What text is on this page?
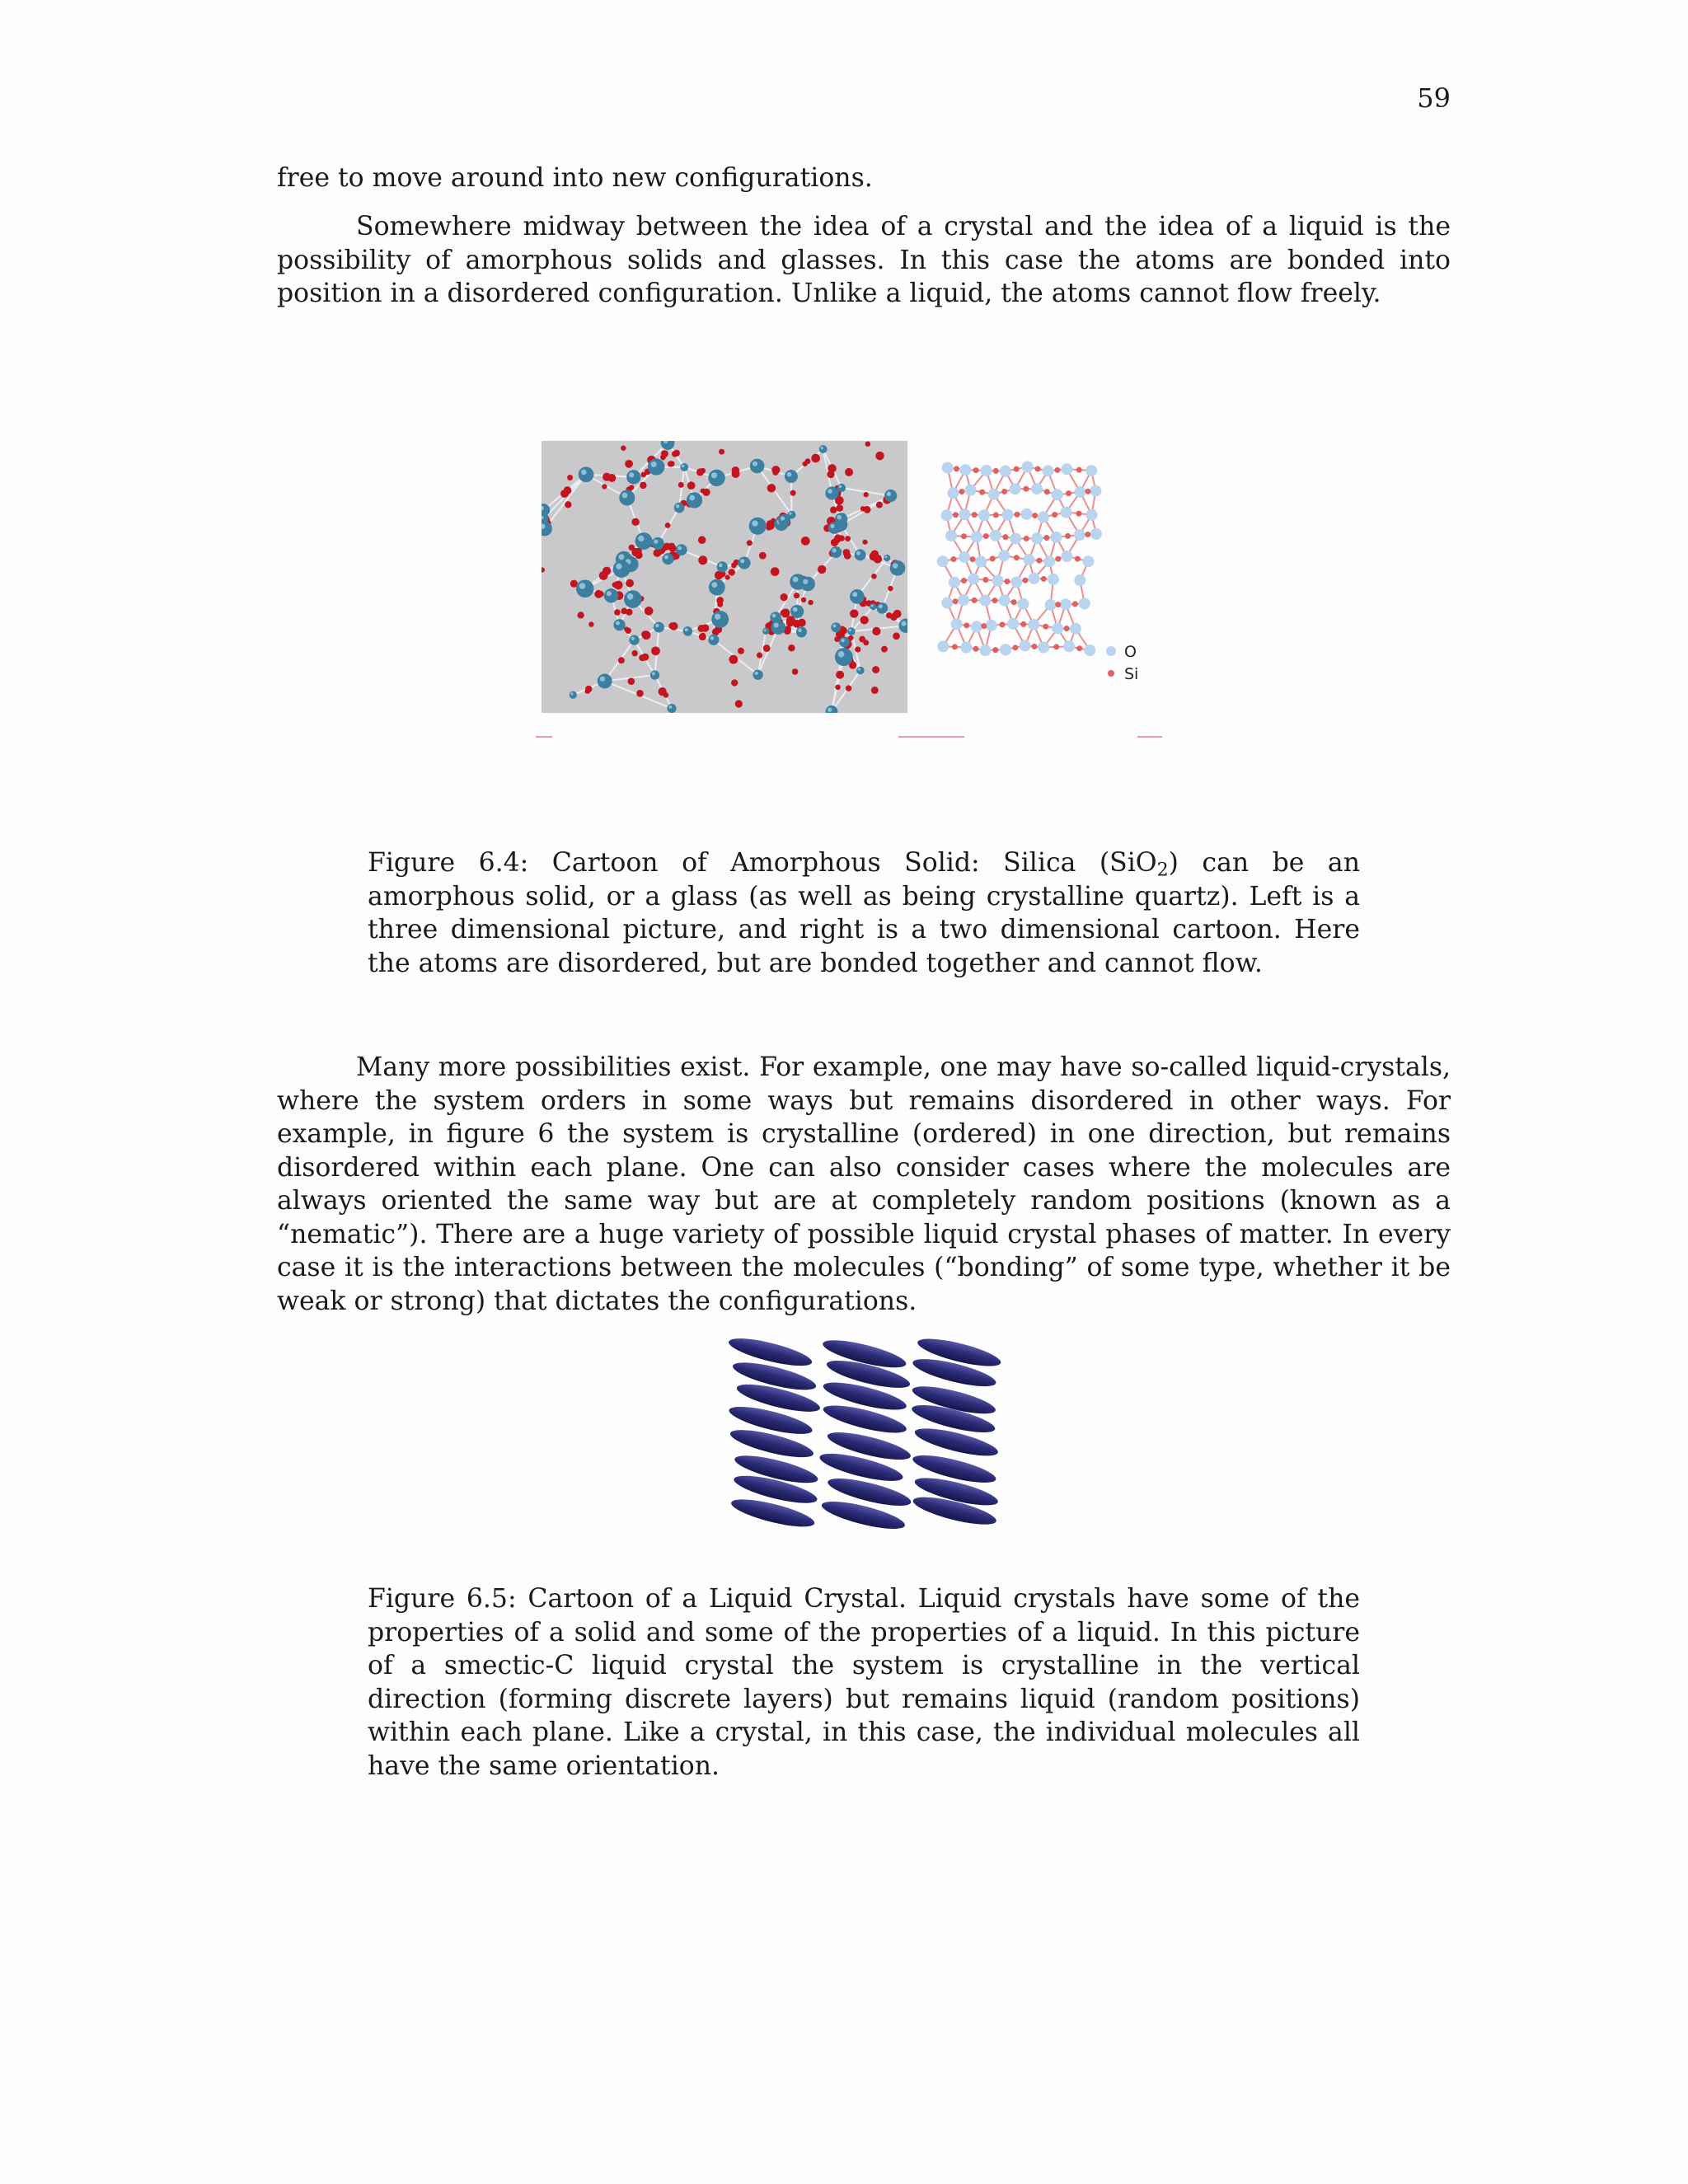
59

free to move around into new configurations.

Somewhere midway between the idea of a crystal and the idea of a liquid is the possibility of amorphous solids and glasses. In this case the atoms are bonded into position in a disordered configuration. Unlike a liquid, the atoms cannot flow freely.

O
Si

Figure 6.4: Cartoon of Amorphous Solid: Silica (SiO$_2$) can be an amorphous solid, or a glass (as well as being crystalline quartz). Left is a three dimensional picture, and right is a two dimensional cartoon. Here the atoms are disordered, but are bonded together and cannot flow.

Many more possibilities exist. For example, one may have so-called liquid-crystals, where the system orders in some ways but remains disordered in other ways. For example, in figure 6 the system is crystalline (ordered) in one direction, but remains disordered within each plane. One can also consider cases where the molecules are always oriented the same way but are at completely random positions (known as a “nematic”). There are a huge variety of possible liquid crystal phases of matter. In every case it is the interactions between the molecules (“bonding” of some type, whether it be weak or strong) that dictates the configurations.

Figure 6.5: Cartoon of a Liquid Crystal. Liquid crystals have some of the properties of a solid and some of the properties of a liquid. In this picture of a smectic-C liquid crystal the system is crystalline in the vertical direction (forming discrete layers) but remains liquid (random positions) within each plane. Like a crystal, in this case, the individual molecules all have the same orientation.
